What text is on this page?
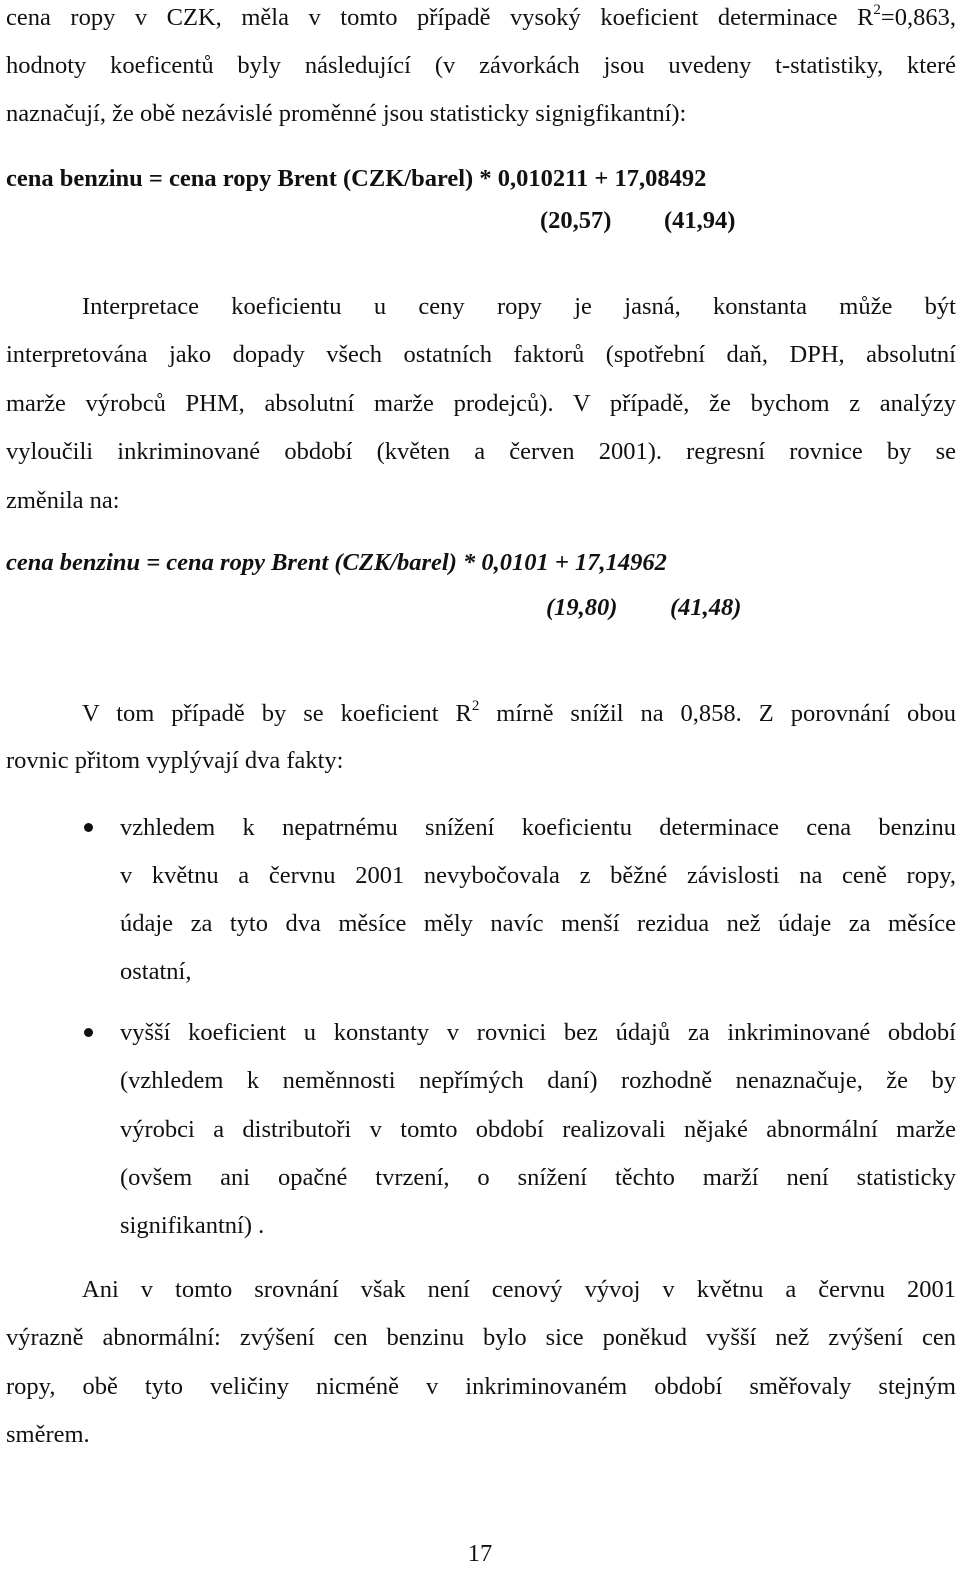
cena ropy v CZK, měla v tomto případě vysoký koeficient determinace $R^2=0,863$,
hodnoty koeficentů byly následující (v závorkách jsou uvedeny t-statistiky, které
naznačují, že obě nezávislé proměnné jsou statisticky signigfikantní):
cena benzinu = cena ropy Brent (CZK/barel) * 0,010211 + 17,08492
(20,57)	(41,94)
Interpretace koeficientu u ceny ropy je jasná, konstanta může být
interpretována jako dopady všech ostatních faktorů (spotřební daň, DPH, absolutní
marže výrobců PHM, absolutní marže prodejců). V případě, že bychom z analýzy
vyloučili inkriminované období (květen a červen 2001). regresní rovnice by se
změnila na:
cena benzinu = cena ropy Brent (CZK/barel) * 0,0101 + 17,14962
(19,80)	(41,48)
V tom případě by se koeficient $R^2$ mírně snížil na 0,858. Z porovnání obou
rovnic přitom vyplývají dva fakty:
vzhledem k nepatrnému snížení koeficientu determinace cena benzinu
v květnu a červnu 2001 nevybočovala z běžné závislosti na ceně ropy,
údaje za tyto dva měsíce měly navíc menší rezidua než údaje za měsíce
ostatní,
vyšší koeficient u konstanty v rovnici bez údajů za inkriminované období
(vzhledem k neměnnosti nepřímých daní) rozhodně nenaznačuje, že by
výrobci a distributoři v tomto období realizovali nějaké abnormální marže
(ovšem ani opačné tvrzení, o snížení těchto marží není statisticky
signifikantní) .
Ani v tomto srovnání však není cenový vývoj v květnu a červnu 2001
výrazně abnormální: zvýšení cen benzinu bylo sice poněkud vyšší než zvýšení cen
ropy, obě tyto veličiny nicméně v inkriminovaném období směřovaly stejným
směrem.
17
